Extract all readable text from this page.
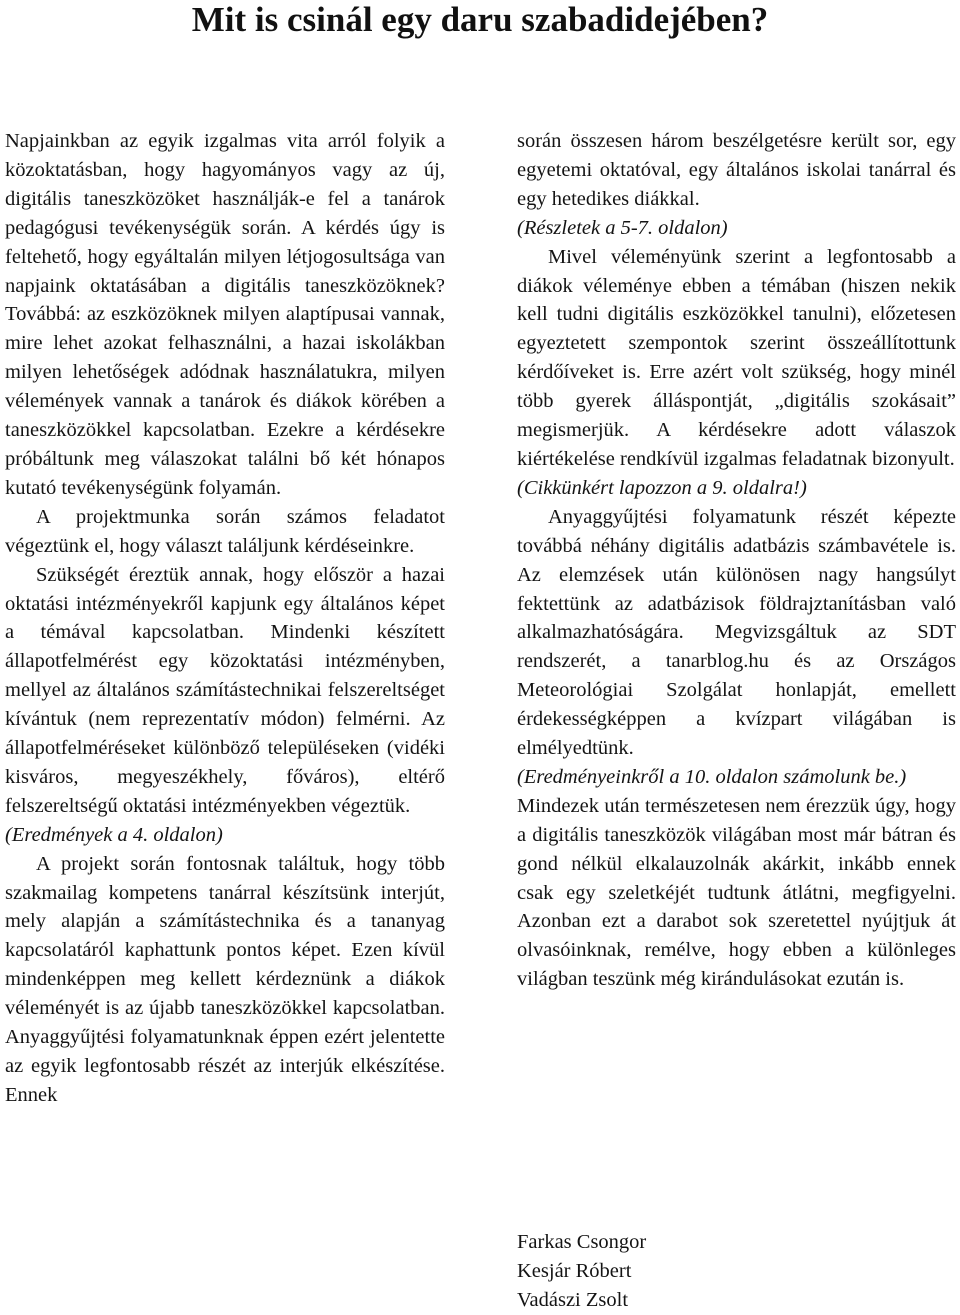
Mit is csinál egy daru szabadidejében?

Napjainkban az egyik izgalmas vita arról folyik a közoktatásban, hogy hagyományos vagy az új, digitális taneszközöket használják-e fel a tanárok pedagógusi tevékenységük során. A kérdés úgy is feltehető, hogy egyáltalán milyen létjogosultsága van napjaink oktatásában a digitális taneszközöknek? Továbbá: az eszközöknek milyen alaptípusai vannak, mire lehet azokat felhasználni, a hazai iskolákban milyen lehetőségek adódnak használatukra, milyen vélemények vannak a tanárok és diákok körében a taneszközökkel kapcsolatban. Ezekre a kérdésekre próbáltunk meg válaszokat találni bő két hónapos kutató tevékenységünk folyamán.

A projektmunka során számos feladatot végeztünk el, hogy választ találjunk kérdéseinkre.

Szükségét éreztük annak, hogy először a hazai oktatási intézményekről kapjunk egy általános képet a témával kapcsolatban. Mindenki készített állapotfelmérést egy közoktatási intézményben, mellyel az általános számítástechnikai felszereltséget kívántuk (nem reprezentatív módon) felmérni. Az állapotfelméréseket különböző településeken (vidéki kisváros, megyeszékhely, főváros), eltérő felszereltségű oktatási intézményekben végeztük.

(Eredmények a 4. oldalon)

A projekt során fontosnak találtuk, hogy több szakmailag kompetens tanárral készítsünk interjút, mely alapján a számítástechnika és a tananyag kapcsolatáról kaphattunk pontos képet. Ezen kívül mindenképpen meg kellett kérdeznünk a diákok véleményét is az újabb taneszközökkel kapcsolatban. Anyaggyűjtési folyamatunknak éppen ezért jelentette az egyik legfontosabb részét az interjúk elkészítése. Ennek

során összesen három beszélgetésre került sor, egy egyetemi oktatóval, egy általános iskolai tanárral és egy hetedikes diákkal.

(Részletek a 5-7. oldalon)

Mivel véleményünk szerint a legfontosabb a diákok véleménye ebben a témában (hiszen nekik kell tudni digitális eszközökkel tanulni), előzetesen egyeztetett szempontok szerint összeállítottunk kérdőíveket is. Erre azért volt szükség, hogy minél több gyerek álláspontját, „digitális szokásait” megismerjük. A kérdésekre adott válaszok kiértékelése rendkívül izgalmas feladatnak bizonyult.

(Cikkünkért lapozzon a 9. oldalra!)

Anyaggyűjtési folyamatunk részét képezte továbbá néhány digitális adatbázis számbavétele is. Az elemzések után különösen nagy hangsúlyt fektettünk az adatbázisok földrajztanításban való alkalmazhatóságára. Megvizsgáltuk az SDT rendszerét, a tanarblog.hu és az Országos Meteorológiai Szolgálat honlapját, emellett érdekességképpen a kvízpart világában is elmélyedtünk.

(Eredményeinkről a 10. oldalon számolunk be.)

Mindezek után természetesen nem érezzük úgy, hogy a digitális taneszközök világában most már bátran és gond nélkül elkalauzolnák akárkit, inkább ennek csak egy szeletkéjét tudtunk átlátni, megfigyelni. Azonban ezt a darabot sok szeretettel nyújtjuk át olvasóinknak, remélve, hogy ebben a különleges világban teszünk még kirándulásokat ezután is.

Farkas Csongor
Kesjár Róbert
Vadászi Zsolt
